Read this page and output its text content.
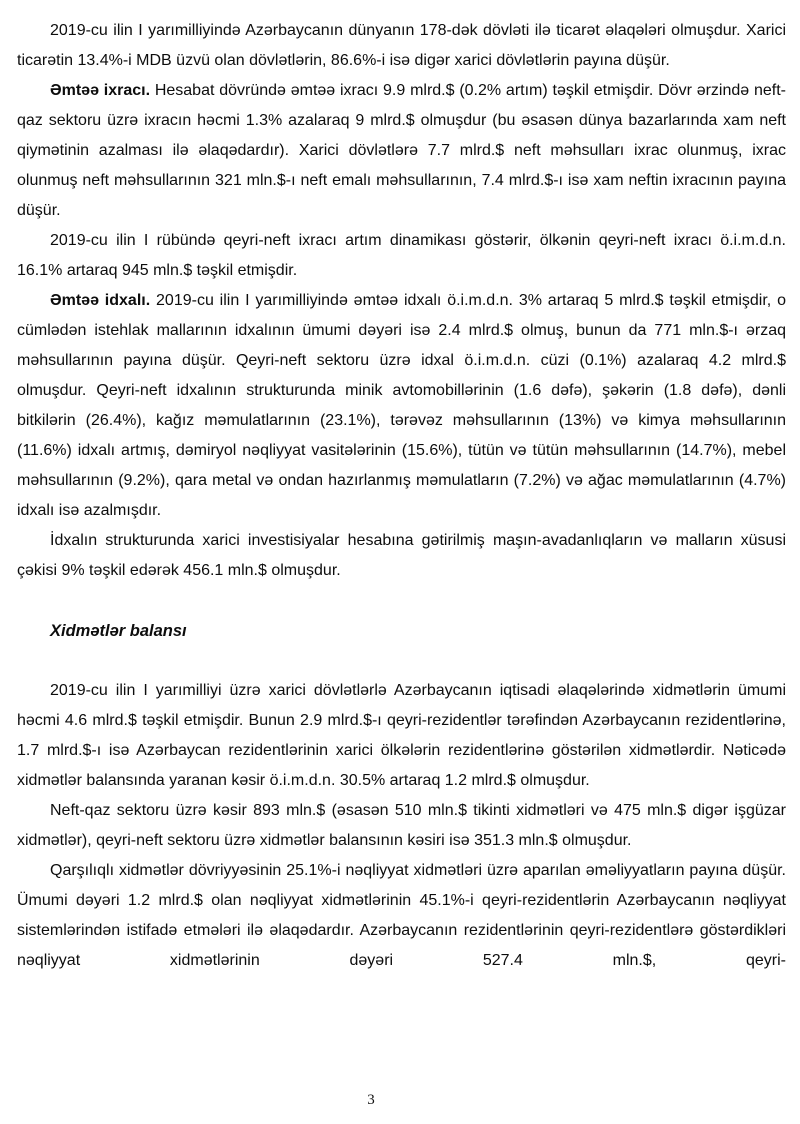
2019-cu ilin I yarımilliyində Azərbaycanın dünyanın 178-dək dövləti ilə ticarət əlaqələri olmuşdur. Xarici ticarətin 13.4%-i MDB üzvü olan dövlətlərin, 86.6%-i isə digər xarici dövlətlərin payına düşür.

Əmtəə ixracı. Hesabat dövründə əmtəə ixracı 9.9 mlrd.$ (0.2% artım) təşkil etmişdir. Dövr ərzində neft-qaz sektoru üzrə ixracın həcmi 1.3% azalaraq 9 mlrd.$ olmuşdur (bu əsasən dünya bazarlarında xam neft qiymətinin azalması ilə əlaqədardır). Xarici dövlətlərə 7.7 mlrd.$ neft məhsulları ixrac olunmuş, ixrac olunmuş neft məhsullarının 321 mln.$-ı neft emalı məhsullarının, 7.4 mlrd.$-ı isə xam neftin ixracının payına düşür.

2019-cu ilin I rübündə qeyri-neft ixracı artım dinamikası göstərir, ölkənin qeyri-neft ixracı ö.i.m.d.n. 16.1% artaraq 945 mln.$ təşkil etmişdir.

Əmtəə idxalı. 2019-cu ilin I yarımilliyində əmtəə idxalı ö.i.m.d.n. 3% artaraq 5 mlrd.$ təşkil etmişdir, o cümlədən istehlak mallarının idxalının ümumi dəyəri isə 2.4 mlrd.$ olmuş, bunun da 771 mln.$-ı ərzaq məhsullarının payına düşür. Qeyri-neft sektoru üzrə idxal ö.i.m.d.n. cüzi (0.1%) azalaraq 4.2 mlrd.$ olmuşdur. Qeyri-neft idxalının strukturunda minik avtomobillərinin (1.6 dəfə), şəkərin (1.8 dəfə), dənli bitkilərin (26.4%), kağız məmulatlarının (23.1%), tərəvəz məhsullarının (13%) və kimya məhsullarının (11.6%) idxalı artmış, dəmiryol nəqliyyat vasitələrinin (15.6%), tütün və tütün məhsullarının (14.7%), mebel məhsullarının (9.2%), qara metal və ondan hazırlanmış məmulatların (7.2%) və ağac məmulatlarının (4.7%) idxalı isə azalmışdır.

İdxalın strukturunda xarici investisiyalar hesabına gətirilmiş maşın-avadanlıqların və malların xüsusi çəkisi 9% təşkil edərək 456.1 mln.$ olmuşdur.

Xidmətlər balansı

2019-cu ilin I yarımilliyi üzrə xarici dövlətlərlə Azərbaycanın iqtisadi əlaqələrində xidmətlərin ümumi həcmi 4.6 mlrd.$ təşkil etmişdir. Bunun 2.9 mlrd.$-ı qeyri-rezidentlər tərəfindən Azərbaycanın rezidentlərinə, 1.7 mlrd.$-ı isə Azərbaycan rezidentlərinin xarici ölkələrin rezidentlərinə göstərilən xidmətlərdir. Nəticədə xidmətlər balansında yaranan kəsir ö.i.m.d.n. 30.5% artaraq 1.2 mlrd.$ olmuşdur.

Neft-qaz sektoru üzrə kəsir 893 mln.$ (əsasən 510 mln.$ tikinti xidmətləri və 475 mln.$ digər işgüzar xidmətlər), qeyri-neft sektoru üzrə xidmətlər balansının kəsiri isə 351.3 mln.$ olmuşdur.

Qarşılıqlı xidmətlər dövriyyəsinin 25.1%-i nəqliyyat xidmətləri üzrə aparılan əməliyyatların payına düşür. Ümumi dəyəri 1.2 mlrd.$ olan nəqliyyat xidmətlərinin 45.1%-i qeyri-rezidentlərin Azərbaycanın nəqliyyat sistemlərindən istifadə etmələri ilə əlaqədardır. Azərbaycanın rezidentlərinin qeyri-rezidentlərə göstərdikləri nəqliyyat xidmətlərinin dəyəri 527.4 mln.$, qeyri-

3
